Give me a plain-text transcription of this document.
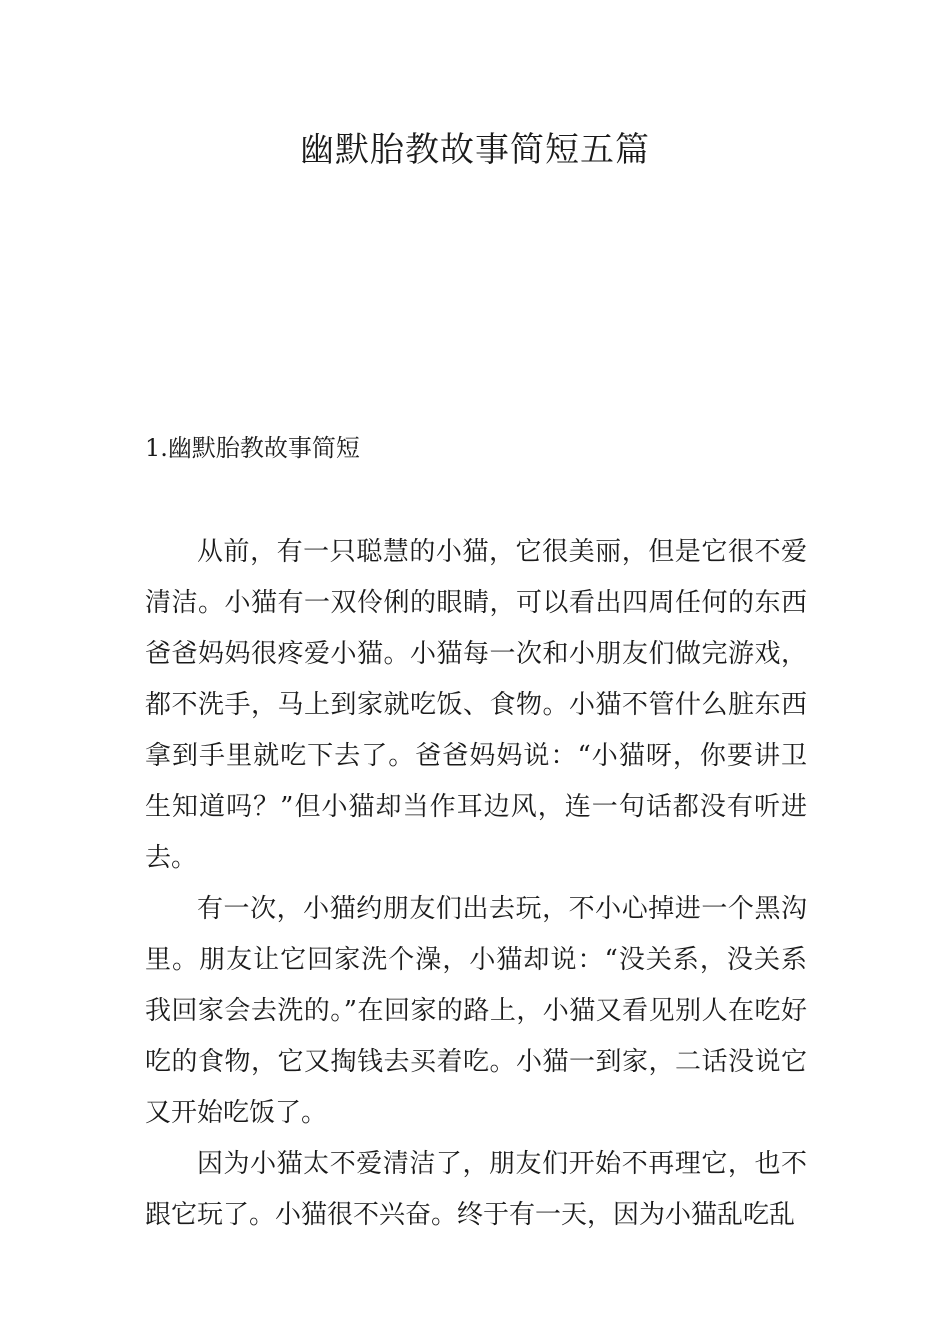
幽默胎教故事简短五篇
1.幽默胎教故事简短

从前，有一只聪慧的小猫，它很美丽，但是它很不爱清洁。小猫有一双伶俐的眼睛，可以看出四周任何的东西爸爸妈妈很疼爱小猫。小猫每一次和小朋友们做完游戏，都不洗手，马上到家就吃饭、食物。小猫不管什么脏东西拿到手里就吃下去了。爸爸妈妈说：“小猫呀，你要讲卫生知道吗？”但小猫却当作耳边风，连一句话都没有听进去。

有一次，小猫约朋友们出去玩，不小心掉进一个黑沟里。朋友让它回家洗个澡，小猫却说：“没关系，没关系我回家会去洗的。”在回家的路上，小猫又看见别人在吃好吃的食物，它又掏钱去买着吃。小猫一到家，二话没说它又开始吃饭了。

因为小猫太不爱清洁了，朋友们开始不再理它，也不跟它玩了。小猫很不兴奋。终于有一天，因为小猫乱吃乱
